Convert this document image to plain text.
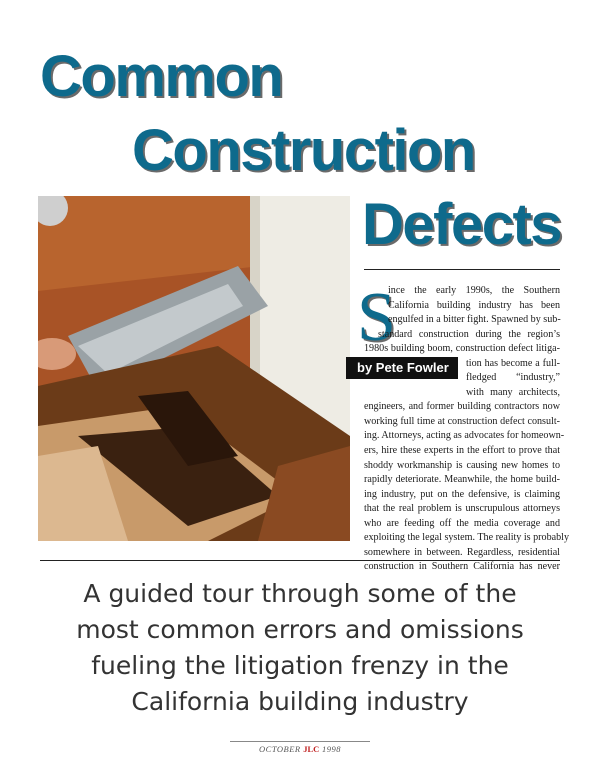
Common
Construction
Defects
S
ince the early 1990s, the Southern
California building industry has been
engulfed in a bitter fight. Spawned by sub-
standard construction during the region’s
1980s building boom, construction defect litiga-
tion has become a full-
fledged “industry,”
with many architects,
by Pete Fowler
engineers, and former building contractors now
working full time at construction defect consult-
ing. Attorneys, acting as advocates for homeown-
ers, hire these experts in the effort to prove that
shoddy workmanship is causing new homes to
rapidly deteriorate. Meanwhile, the home build-
ing industry, put on the defensive, is claiming
that the real problem is unscrupulous attorneys
who are feeding off the media coverage and
exploiting the legal system. The reality is probably
somewhere in between. Regardless, residential
construction in Southern California has never
A guided tour through some of the
most common errors and omissions
fueling the litigation frenzy in the
California building industry
OCTOBER JLC 1998
